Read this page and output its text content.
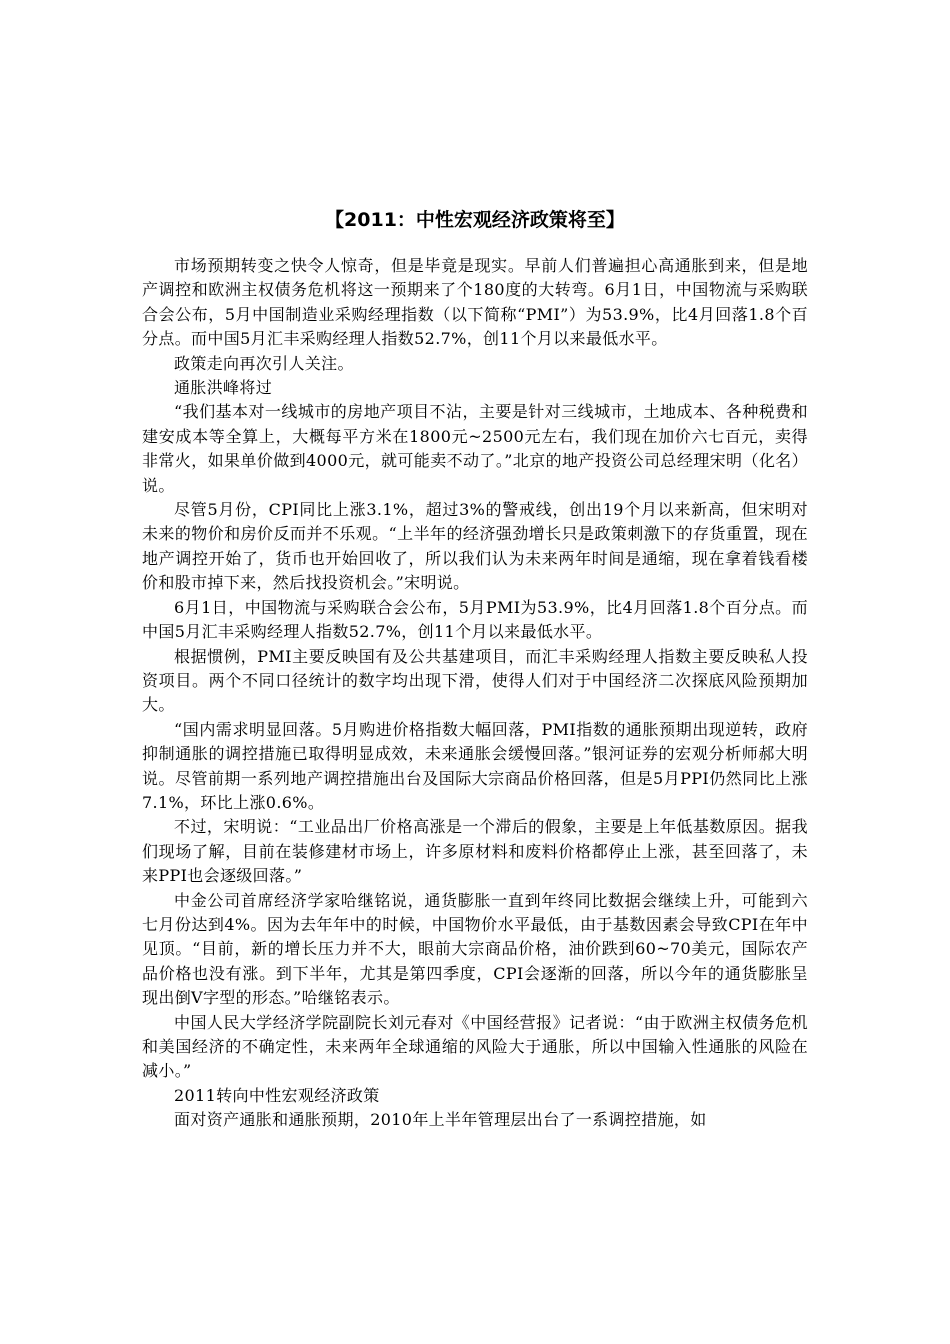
【2011：中性宏观经济政策将至】

市场预期转变之快令人惊奇，但是毕竟是现实。早前人们普遍担心高通胀到来，但是地产调控和欧洲主权债务危机将这一预期来了个180度的大转弯。6月1日，中国物流与采购联合会公布，5月中国制造业采购经理指数（以下简称“PMI”）为53.9%，比4月回落1.8个百分点。而中国5月汇丰采购经理人指数52.7%，创11个月以来最低水平。

政策走向再次引人关注。

通胀洪峰将过

“我们基本对一线城市的房地产项目不沾，主要是针对三线城市，土地成本、各种税费和建安成本等全算上，大概每平方米在1800元~2500元左右，我们现在加价六七百元，卖得非常火，如果单价做到4000元，就可能卖不动了。”北京的地产投资公司总经理宋明（化名）说。

尽管5月份，CPI同比上涨3.1%，超过3%的警戒线，创出19个月以来新高，但宋明对未来的物价和房价反而并不乐观。“上半年的经济强劲增长只是政策刺激下的存货重置，现在地产调控开始了，货币也开始回收了，所以我们认为未来两年时间是通缩，现在拿着钱看楼价和股市掉下来，然后找投资机会。”宋明说。

6月1日，中国物流与采购联合会公布，5月PMI为53.9%，比4月回落1.8个百分点。而中国5月汇丰采购经理人指数52.7%，创11个月以来最低水平。

根据惯例，PMI主要反映国有及公共基建项目，而汇丰采购经理人指数主要反映私人投资项目。两个不同口径统计的数字均出现下滑，使得人们对于中国经济二次探底风险预期加大。

“国内需求明显回落。5月购进价格指数大幅回落，PMI指数的通胀预期出现逆转，政府抑制通胀的调控措施已取得明显成效，未来通胀会缓慢回落。”银河证券的宏观分析师郝大明说。尽管前期一系列地产调控措施出台及国际大宗商品价格回落，但是5月PPI仍然同比上涨7.1%，环比上涨0.6%。

不过，宋明说：“工业品出厂价格高涨是一个滞后的假象，主要是上年低基数原因。据我们现场了解，目前在装修建材市场上，许多原材料和废料价格都停止上涨，甚至回落了，未来PPI也会逐级回落。”

中金公司首席经济学家哈继铭说，通货膨胀一直到年终同比数据会继续上升，可能到六七月份达到4%。因为去年年中的时候，中国物价水平最低，由于基数因素会导致CPI在年中见顶。“目前，新的增长压力并不大，眼前大宗商品价格，油价跌到60~70美元，国际农产品价格也没有涨。到下半年，尤其是第四季度，CPI会逐渐的回落，所以今年的通货膨胀呈现出倒V字型的形态。”哈继铭表示。

中国人民大学经济学院副院长刘元春对《中国经营报》记者说：“由于欧洲主权债务危机和美国经济的不确定性，未来两年全球通缩的风险大于通胀，所以中国输入性通胀的风险在减小。”

2011转向中性宏观经济政策

面对资产通胀和通胀预期，2010年上半年管理层出台了一系调控措施，如
